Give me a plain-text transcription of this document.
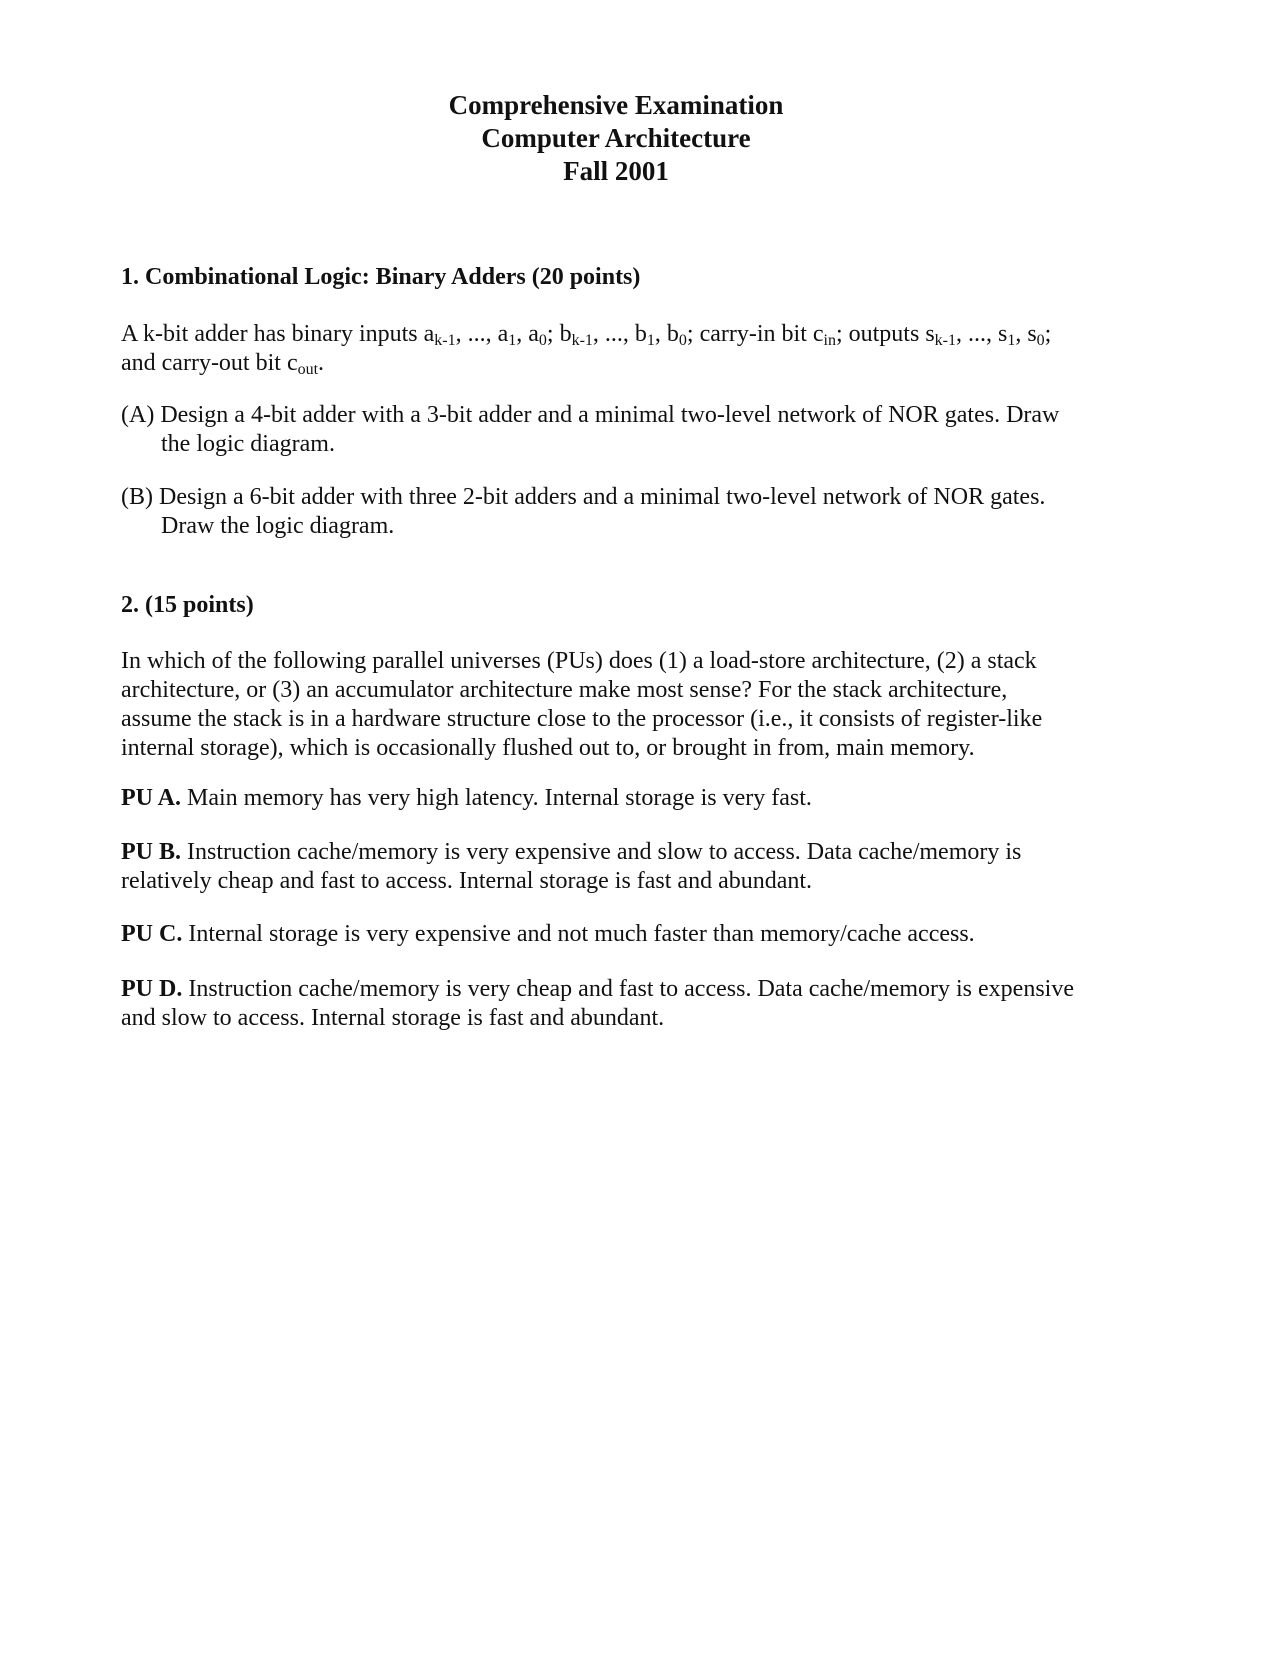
Comprehensive Examination
Computer Architecture
Fall 2001
1. Combinational Logic: Binary Adders (20 points)
A k-bit adder has binary inputs $a_{k-1}$, ..., $a_1$, $a_0$; $b_{k-1}$, ..., $b_1$, $b_0$; carry-in bit $c_{in}$; outputs $s_{k-1}$, ..., $s_1$, $s_0$;
and carry-out bit $c_{out}$.
(A) Design a 4-bit adder with a 3-bit adder and a minimal two-level network of NOR gates. Draw
the logic diagram.
(B) Design a 6-bit adder with three 2-bit adders and a minimal two-level network of NOR gates.
Draw the logic diagram.
2. (15 points)
In which of the following parallel universes (PUs) does (1) a load-store architecture, (2) a stack
architecture, or (3) an accumulator architecture make most sense? For the stack architecture,
assume the stack is in a hardware structure close to the processor (i.e., it consists of register-like
internal storage), which is occasionally flushed out to, or brought in from, main memory.
PU A. Main memory has very high latency. Internal storage is very fast.
PU B. Instruction cache/memory is very expensive and slow to access. Data cache/memory is
relatively cheap and fast to access. Internal storage is fast and abundant.
PU C. Internal storage is very expensive and not much faster than memory/cache access.
PU D. Instruction cache/memory is very cheap and fast to access. Data cache/memory is expensive
and slow to access. Internal storage is fast and abundant.
